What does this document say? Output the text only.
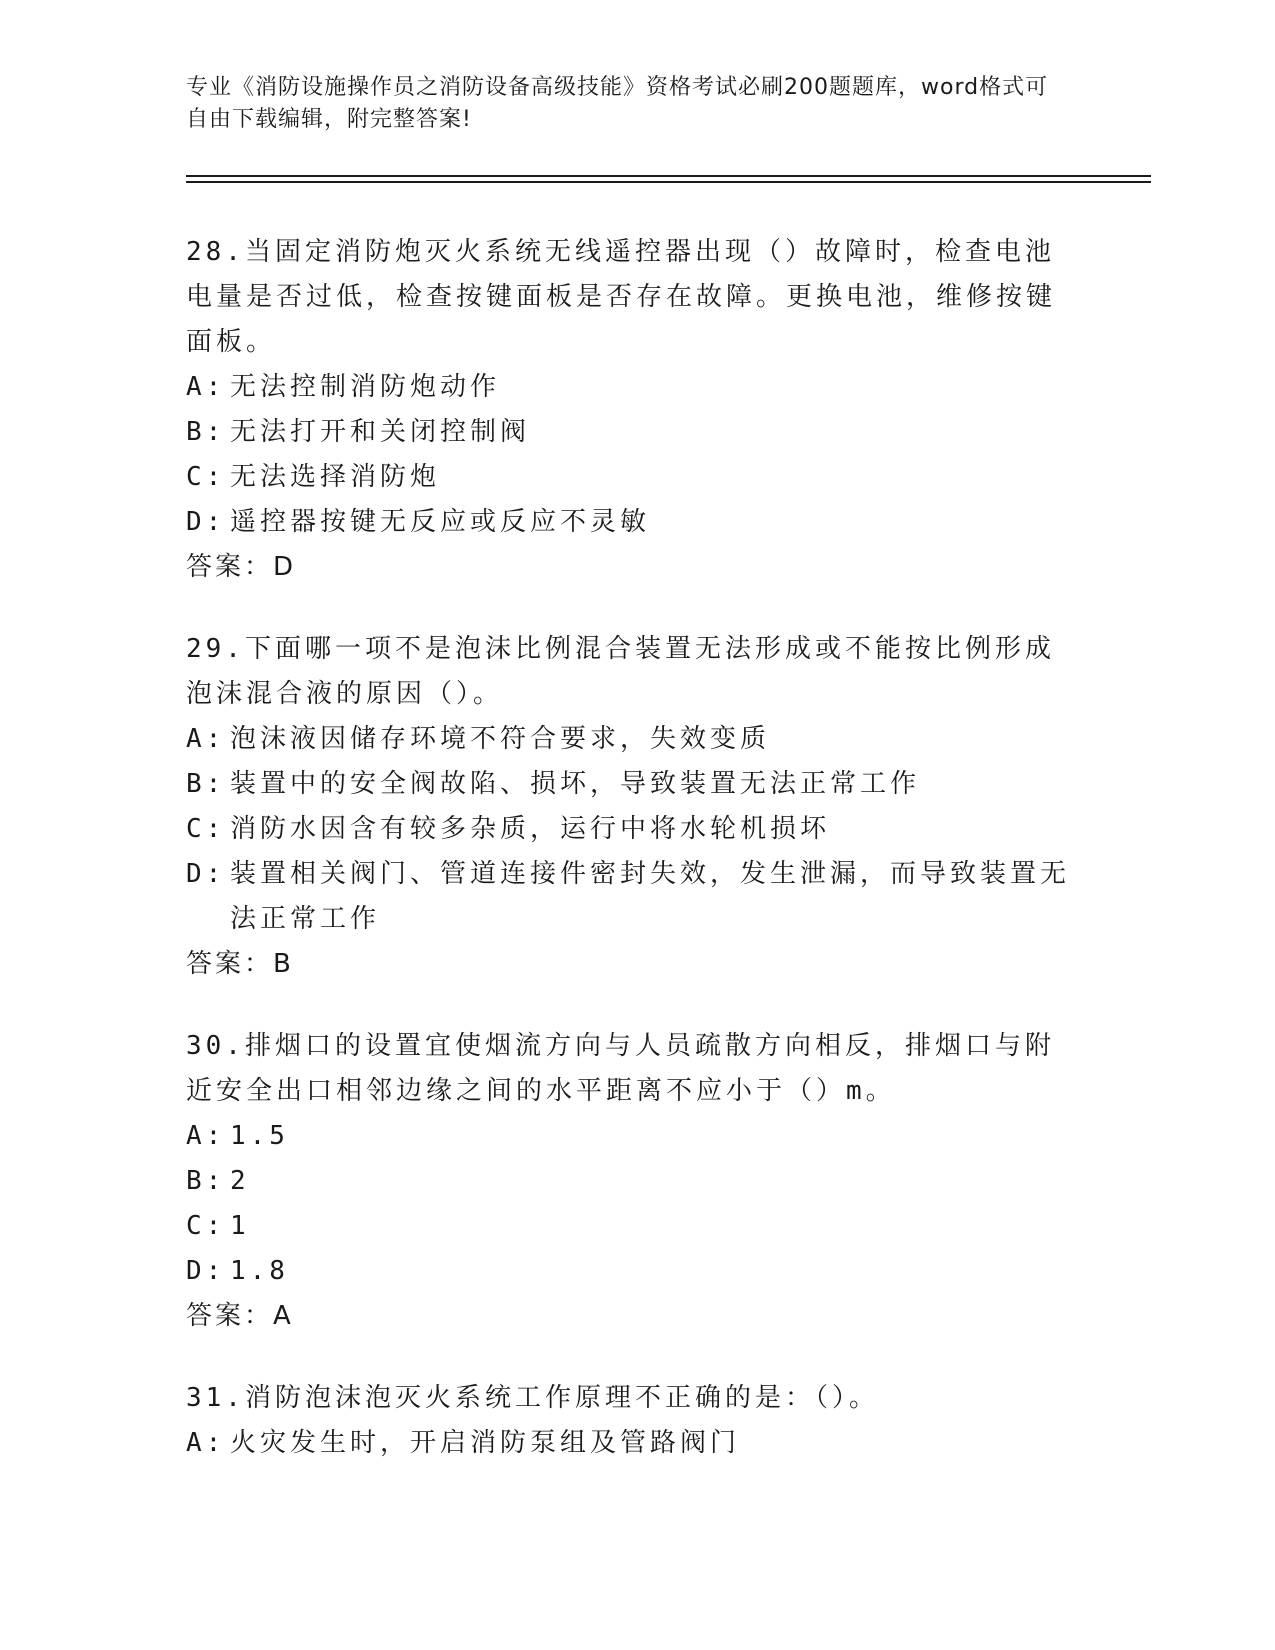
专业《消防设施操作员之消防设备高级技能》资格考试必刷200题题库，word格式可自由下载编辑，附完整答案!

28.当固定消防炮灭火系统无线遥控器出现（）故障时，检查电池电量是否过低，检查按键面板是否存在故障。更换电池，维修按键面板。

A: 无法控制消防炮动作
B: 无法打开和关闭控制阀
C: 无法选择消防炮
D: 遥控器按键无反应或反应不灵敏

答案：D

29.下面哪一项不是泡沫比例混合装置无法形成或不能按比例形成泡沫混合液的原因（）。

A: 泡沫液因储存环境不符合要求，失效变质
B: 装置中的安全阀故陷、损坏，导致装置无法正常工作
C: 消防水因含有较多杂质，运行中将水轮机损坏
D: 装置相关阀门、管道连接件密封失效，发生泄漏，而导致装置无法正常工作

答案：B

30.排烟口的设置宜使烟流方向与人员疏散方向相反，排烟口与附近安全出口相邻边缘之间的水平距离不应小于（）m。

A: 1.5
B: 2
C: 1
D: 1.8

答案：A

31.消防泡沫泡灭火系统工作原理不正确的是：（）。

A: 火灾发生时，开启消防泵组及管路阀门
